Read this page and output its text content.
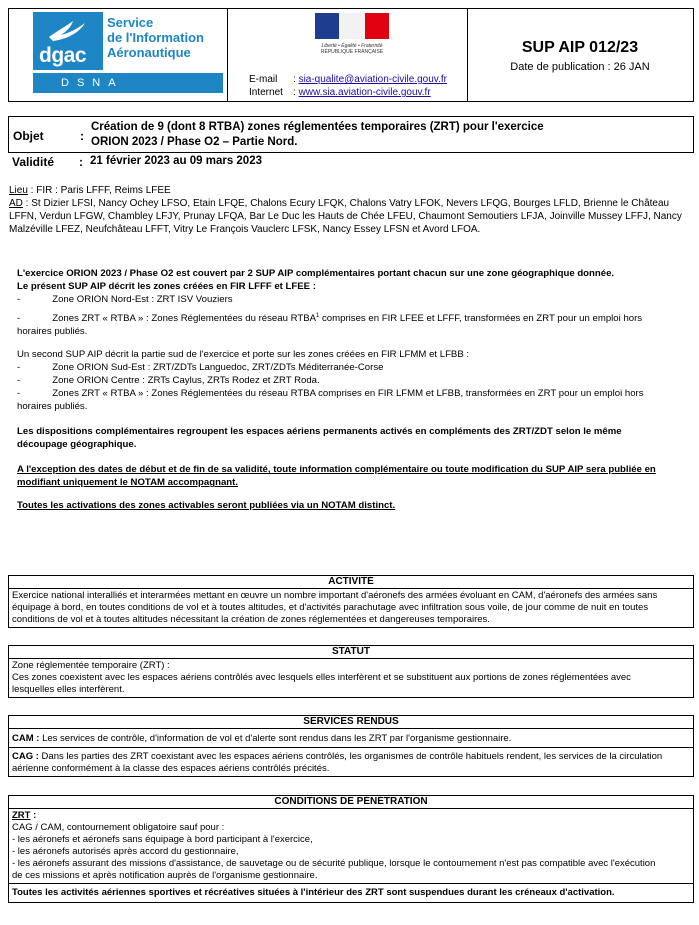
dgac
Service
de l'Information
Aéronautique
DSNA
Liberté • Égalité • Fraternité
RÉPUBLIQUE FRANÇAISE
E-mail : sia-qualite@aviation-civile.gouv.fr
Internet : www.sia.aviation-civile.gouv.fr
SUP AIP 012/23
Date de publication : 26 JAN
Objet	:
Création de 9 (dont 8 RTBA) zones réglementées temporaires (ZRT) pour l'exercice
ORION 2023 / Phase O2 – Partie Nord.
Validité : 21 février 2023 au 09 mars 2023
Lieu : FIR : Paris LFFF, Reims LFEE
AD : St Dizier LFSI, Nancy Ochey LFSO, Etain LFQE, Chalons Ecury LFQK, Chalons Vatry LFOK, Nevers LFQG, Bourges LFLD, Brienne le Château
LFFN, Verdun LFGW, Chambley LFJY, Prunay LFQA, Bar Le Duc les Hauts de Chée LFEU, Chaumont Semoutiers LFJA, Joinville Mussey LFFJ, Nancy
Malzéville LFEZ, Neufchâteau LFFT, Vitry Le François Vauclerc LFSK, Nancy Essey LFSN et Avord LFOA.
L'exercice ORION 2023 / Phase O2 est couvert par 2 SUP AIP complémentaires portant chacun sur une zone géographique donnée.
Le présent SUP AIP décrit les zones créées en FIR LFFF et LFEE :
-	Zone ORION Nord-Est : ZRT ISV Vouziers
-	Zones ZRT « RTBA » : Zones Réglementées du réseau RTBA$^1$ comprises en FIR LFEE et LFFF, transformées en ZRT pour un emploi hors
horaires publiés.
Un second SUP AIP décrit la partie sud de l'exercice et porte sur les zones créées en FIR LFMM et LFBB :
-	Zone ORION Sud-Est : ZRT/ZDTs Languedoc, ZRT/ZDTs Méditerranée-Corse
-	Zone ORION Centre : ZRTs Caylus, ZRTs Rodez et ZRT Roda.
-	Zones ZRT « RTBA » : Zones Réglementées du réseau RTBA comprises en FIR LFMM et LFBB, transformées en ZRT pour un emploi hors
horaires publiés.
Les dispositions complémentaires regroupent les espaces aériens permanents activés en compléments des ZRT/ZDT selon le même
découpage géographique.
A l'exception des dates de début et de fin de sa validité, toute information complémentaire ou toute modification du SUP AIP sera publiée en
modifiant uniquement le NOTAM accompagnant.
Toutes les activations des zones activables seront publiées via un NOTAM distinct.
ACTIVITÉ
Exercice national interalliés et interarmées mettant en œuvre un nombre important d'aéronefs des armées évoluant en CAM, d'aéronefs des armées sans
équipage à bord, en toutes conditions de vol et à toutes altitudes, et d'activités parachutage avec infiltration sous voile, de jour comme de nuit en toutes
conditions de vol et à toutes altitudes nécessitant la création de zones réglementées et dangereuses temporaires.
STATUT
Zone réglementée temporaire (ZRT) :
Ces zones coexistent avec les espaces aériens contrôlés avec lesquels elles interfèrent et se substituent aux portions de zones réglementées avec
lesquelles elles interfèrent.
SERVICES RENDUS
CAM : Les services de contrôle, d'information de vol et d'alerte sont rendus dans les ZRT par l'organisme gestionnaire.
CAG : Dans les parties des ZRT coexistant avec les espaces aériens contrôlés, les organismes de contrôle habituels rendent, les services de la circulation
aérienne conformément à la classe des espaces aériens contrôlés précités.
CONDITIONS DE PÉNÉTRATION
ZRT :
CAG / CAM, contournement obligatoire sauf pour :
- les aéronefs et aéronefs sans équipage à bord participant à l'exercice,
- les aéronefs autorisés après accord du gestionnaire,
- les aéronefs assurant des missions d'assistance, de sauvetage ou de sécurité publique, lorsque le contournement n'est pas compatible avec l'exécution
de ces missions et après notification auprès de l'organisme gestionnaire.
Toutes les activités aériennes sportives et récréatives situées à l'intérieur des ZRT sont suspendues durant les créneaux d'activation.
